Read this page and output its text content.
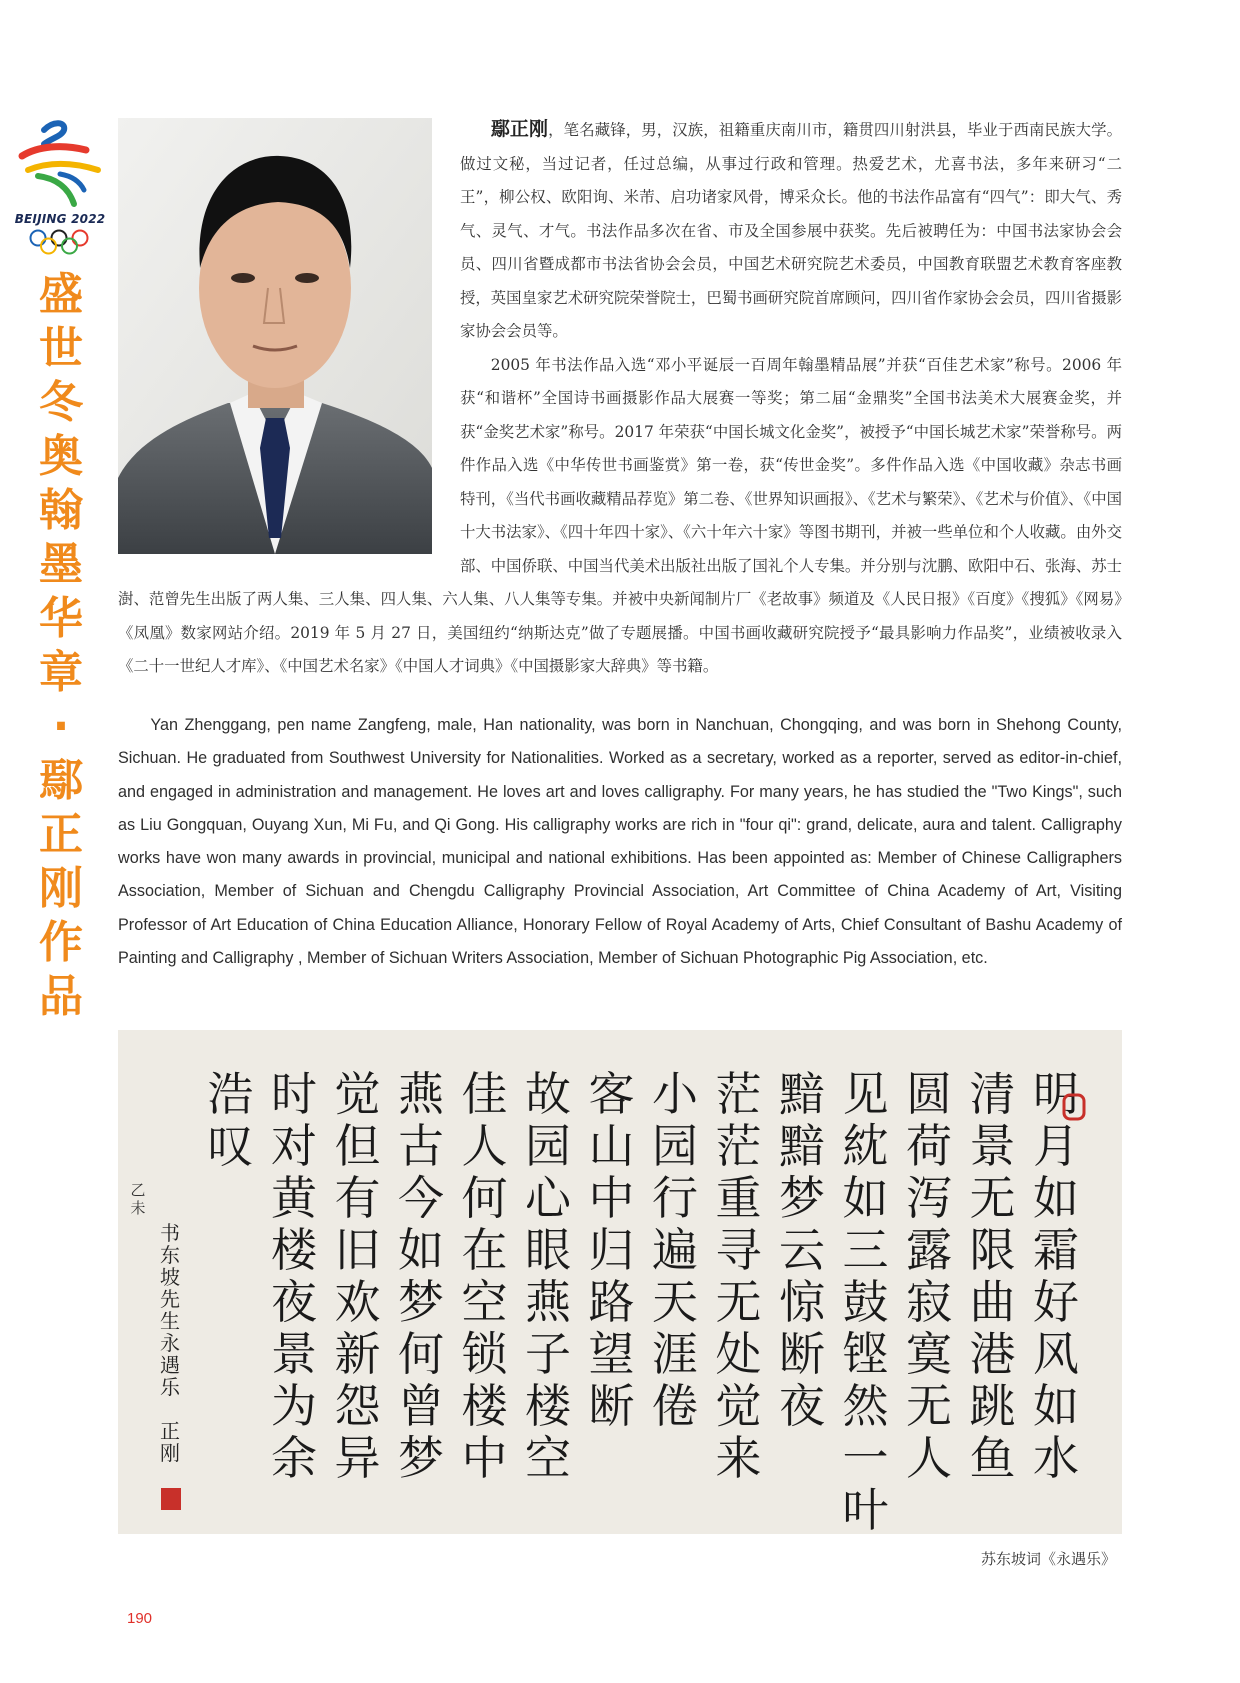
BEIJING 2022
盛世冬奥翰墨华章·鄢正刚作品

鄢正刚，笔名藏锋，男，汉族，祖籍重庆南川市，籍贯四川射洪县，毕业于西南民族大学。做过文秘，当过记者，任过总编，从事过行政和管理。热爱艺术，尤喜书法，多年来研习“二王”，柳公权、欧阳询、米芾、启功诸家风骨，博采众长。他的书法作品富有“四气”：即大气、秀气、灵气、才气。书法作品多次在省、市及全国参展中获奖。先后被聘任为：中国书法家协会会员、四川省暨成都市书法省协会会员，中国艺术研究院艺术委员，中国教育联盟艺术教育客座教授，英国皇家艺术研究院荣誉院士，巴蜀书画研究院首席顾问，四川省作家协会会员，四川省摄影家协会会员等。

2005 年书法作品入选“邓小平诞辰一百周年翰墨精品展”并获“百佳艺术家”称号。2006 年获“和谐杯”全国诗书画摄影作品大展赛一等奖；第二届“金鼎奖”全国书法美术大展赛金奖，并获“金奖艺术家”称号。2017 年荣获“中国长城文化金奖”，被授予“中国长城艺术家”荣誉称号。两件作品入选《中华传世书画鉴赏》第一卷，获“传世金奖”。多件作品入选《中国收藏》杂志书画特刊，《当代书画收藏精品荐览》第二卷、《世界知识画报》、《艺术与繁荣》、《艺术与价值》、《中国十大书法家》、《四十年四十家》、《六十年六十家》等图书期刊，并被一些单位和个人收藏。由外交部、中国侨联、中国当代美术出版社出版了国礼个人专集。并分别与沈鹏、欧阳中石、张海、苏士澍、范曾先生出版了两人集、三人集、四人集、六人集、八人集等专集。并被中央新闻制片厂《老故事》频道及《人民日报》《百度》《搜狐》《网易》《凤凰》数家网站介绍。2019 年 5 月 27 日，美国纽约“纳斯达克”做了专题展播。中国书画收藏研究院授予“最具影响力作品奖”，业绩被收录入《二十一世纪人才库》、《中国艺术名家》《中国人才词典》《中国摄影家大辞典》等书籍。

Yan Zhenggang, pen name Zangfeng, male, Han nationality, was born in Nanchuan, Chongqing, and was born in Shehong County, Sichuan. He graduated from Southwest University for Nationalities. Worked as a secretary, worked as a reporter, served as editor-in-chief, and engaged in administration and management. He loves art and loves calligraphy. For many years, he has studied the "Two Kings", such as Liu Gongquan, Ouyang Xun, Mi Fu, and Qi Gong. His calligraphy works are rich in "four qi": grand, delicate, aura and talent. Calligraphy works have won many awards in provincial, municipal and national exhibitions. Has been appointed as: Member of Chinese Calligraphers Association, Member of Sichuan and Chengdu Calligraphy Provincial Association, Art Committee of China Academy of Art, Visiting Professor of Art Education of China Education Alliance, Honorary Fellow of Royal Academy of Arts, Chief Consultant of Bashu Academy of Painting and Calligraphy , Member of Sichuan Writers Association, Member of Sichuan Photographic Pig Association, etc.

明月如霜好风如水
清景无限曲港跳鱼
圆荷泻露寂寞无人
见紞如三鼓铿然一叶
黯黯梦云惊断夜
茫茫重寻无处觉来
小园行遍天涯倦
客山中归路望断
故园心眼燕子楼空
佳人何在空锁楼中
燕古今如梦何曾梦
觉但有旧欢新怨异
时对黄楼夜景为余
浩叹
乙未
书东坡先生永遇乐 正刚
苏东坡词《永遇乐》
190
